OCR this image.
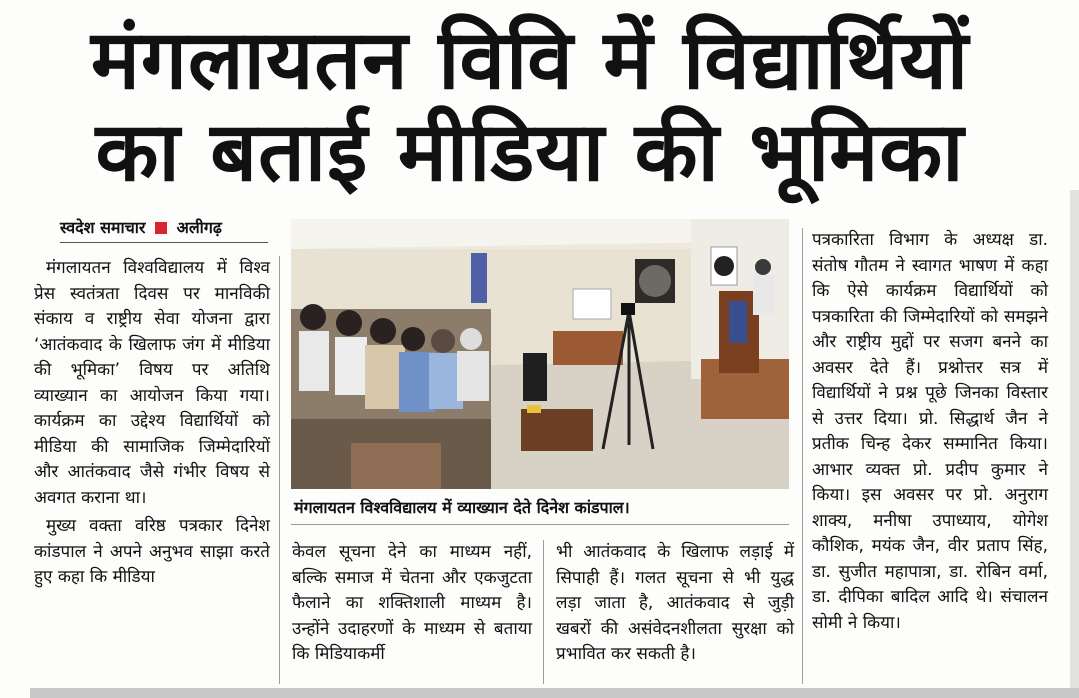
मंगलायतन विवि में विद्यार्थियों
का बताई मीडिया की भूमिका
स्वदेश समाचार अलीगढ़

मंगलायतन विश्वविद्यालय में विश्व प्रेस स्वतंत्रता दिवस पर मानविकी संकाय व राष्ट्रीय सेवा योजना द्वारा ‘आतंकवाद के खिलाफ जंग में मीडिया की भूमिका’ विषय पर अतिथि व्याख्यान का आयोजन किया गया। कार्यक्रम का उद्देश्य विद्यार्थियों को मीडिया की सामाजिक जिम्मेदारियों और आतंकवाद जैसे गंभीर विषय से अवगत कराना था।

मुख्य वक्ता वरिष्ठ पत्रकार दिनेश कांडपाल ने अपने अनुभव साझा करते हुए कहा कि मीडिया

मंगलायतन विश्वविद्यालय में व्याख्यान देते दिनेश कांडपाल।

केवल सूचना देने का माध्यम नहीं, बल्कि समाज में चेतना और एकजुटता फैलाने का शक्तिशाली माध्यम है। उन्होंने उदाहरणों के माध्यम से बताया कि मिडियाकर्मी

भी आतंकवाद के खिलाफ लड़ाई में सिपाही हैं। गलत सूचना से भी युद्ध लड़ा जाता है, आतंकवाद से जुड़ी खबरों की असंवेदनशीलता सुरक्षा को प्रभावित कर सकती है।

पत्रकारिता विभाग के अध्यक्ष डा. संतोष गौतम ने स्वागत भाषण में कहा कि ऐसे कार्यक्रम विद्यार्थियों को पत्रकारिता की जिम्मेदारियों को समझने और राष्ट्रीय मुद्दों पर सजग बनने का अवसर देते हैं। प्रश्नोत्तर सत्र में विद्यार्थियों ने प्रश्न पूछे जिनका विस्तार से उत्तर दिया। प्रो. सिद्धार्थ जैन ने प्रतीक चिन्ह देकर सम्मानित किया। आभार व्यक्त प्रो. प्रदीप कुमार ने किया। इस अवसर पर प्रो. अनुराग शाक्य, मनीषा उपाध्याय, योगेश कौशिक, मयंक जैन, वीर प्रताप सिंह, डा. सुजीत महापात्रा, डा. रोबिन वर्मा, डा. दीपिका बादिल आदि थे। संचालन सोमी ने किया।
